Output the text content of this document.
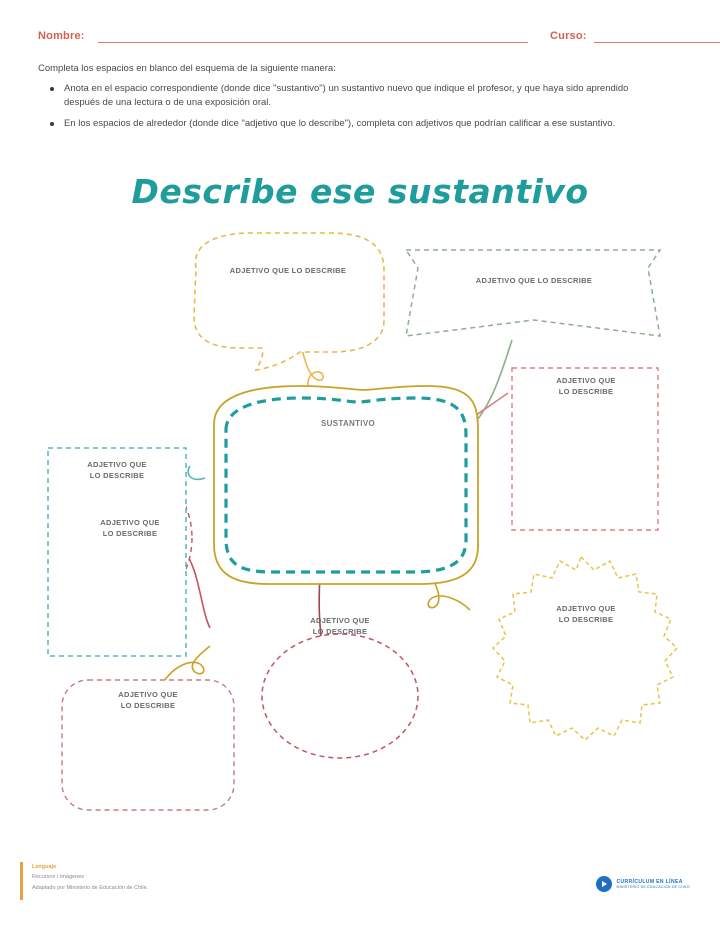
Nombre:	Curso:

Completa los espacios en blanco del esquema de la siguiente manera:

Anota en el espacio correspondiente (donde dice "sustantivo") un sustantivo nuevo que indique el profesor, y que haya sido aprendido después de una lectura o de una exposición oral.
En los espacios de alrededor (donde dice "adjetivo que lo describe"), completa con adjetivos que podrían calificar a ese sustantivo.
Describe ese sustantivo
ADJETIVO QUE
LO DESCRIBE
ADJETIVO QUE LO DESCRIBE
ADJETIVO QUE LO DESCRIBE
ADJETIVO QUE
LO DESCRIBE
ADJETIVO QUE
LO DESCRIBE
ADJETIVO QUE
LO DESCRIBE
ADJETIVO QUE
LO DESCRIBE
ADJETIVO QUE
LO DESCRIBE
SUSTANTIVO
Lenguaje
Recursos / Imágenes
Adaptado por Ministerio de Educación de Chile.
CURRÍCULUM EN LÍNEA
MINISTERIO DE EDUCACIÓN DE CHILE
